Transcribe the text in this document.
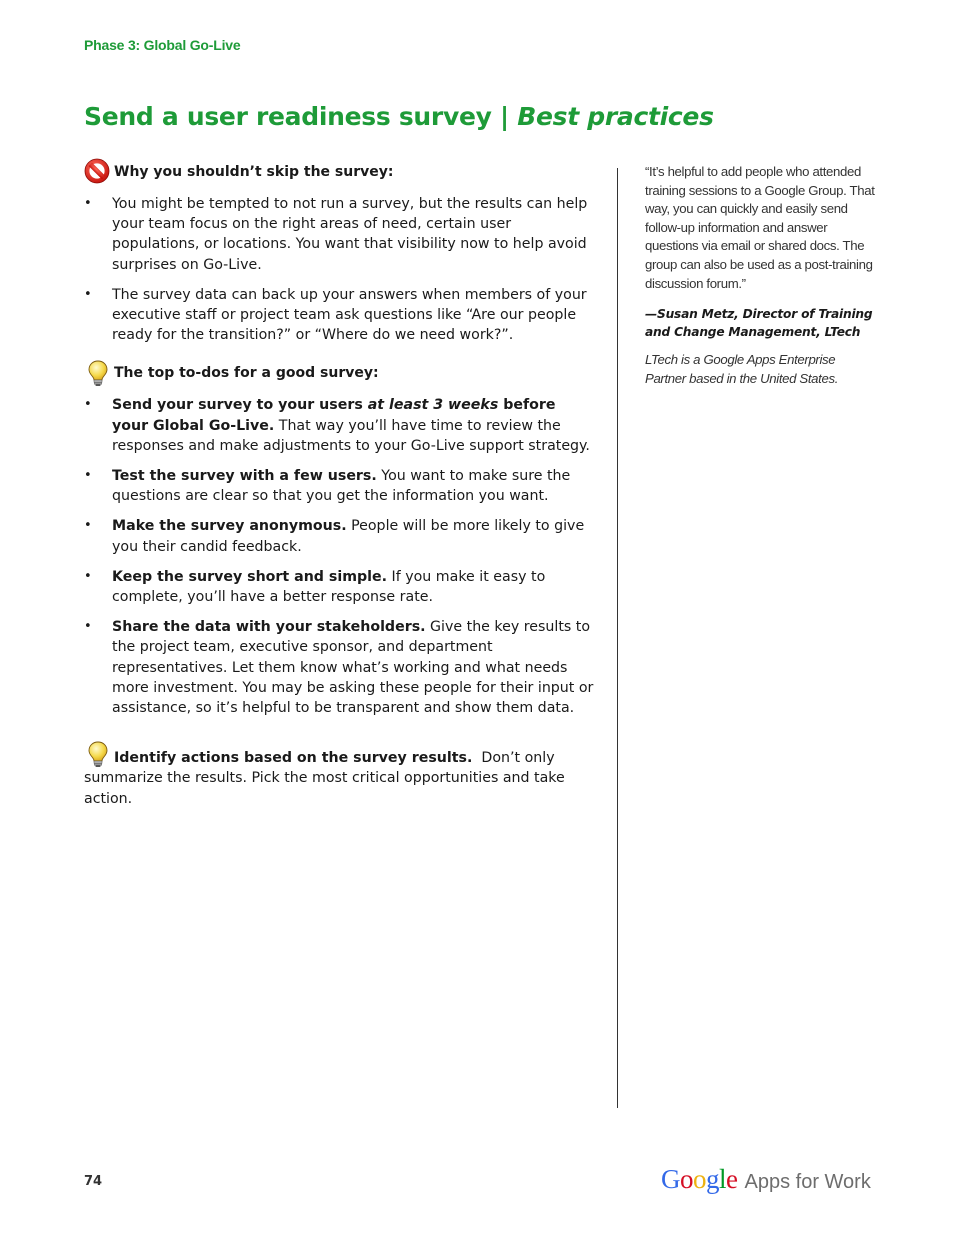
Phase 3: Global Go-Live
Send a user readiness survey | Best practices
Why you shouldn’t skip the survey:
• You might be tempted to not run a survey, but the results can help your team focus on the right areas of need, certain user populations, or locations. You want that visibility now to help avoid surprises on Go-Live.
• The survey data can back up your answers when members of your executive staff or project team ask questions like “Are our people ready for the transition?” or “Where do we need work?”.
The top to-dos for a good survey:
• Send your survey to your users at least 3 weeks before your Global Go-Live. That way you’ll have time to review the responses and make adjustments to your Go-Live support strategy.
• Test the survey with a few users. You want to make sure the questions are clear so that you get the information you want.
• Make the survey anonymous. People will be more likely to give you their candid feedback.
• Keep the survey short and simple. If you make it easy to complete, you’ll have a better response rate.
• Share the data with your stakeholders. Give the key results to the project team, executive sponsor, and department representatives. Let them know what’s working and what needs more investment. You may be asking these people for their input or assistance, so it’s helpful to be transparent and show them data.
Identify actions based on the survey results.  Don’t only summarize the results. Pick the most critical opportunities and take action.

“It’s helpful to add people who attended training sessions to a Google Group. That way, you can quickly and easily send follow-up information and answer questions via email or shared docs. The group can also be used as a post-training discussion forum.”

—Susan Metz, Director of Training and Change Management, LTech

LTech is a Google Apps Enterprise Partner based in the United States.

74	Google Apps for Work
